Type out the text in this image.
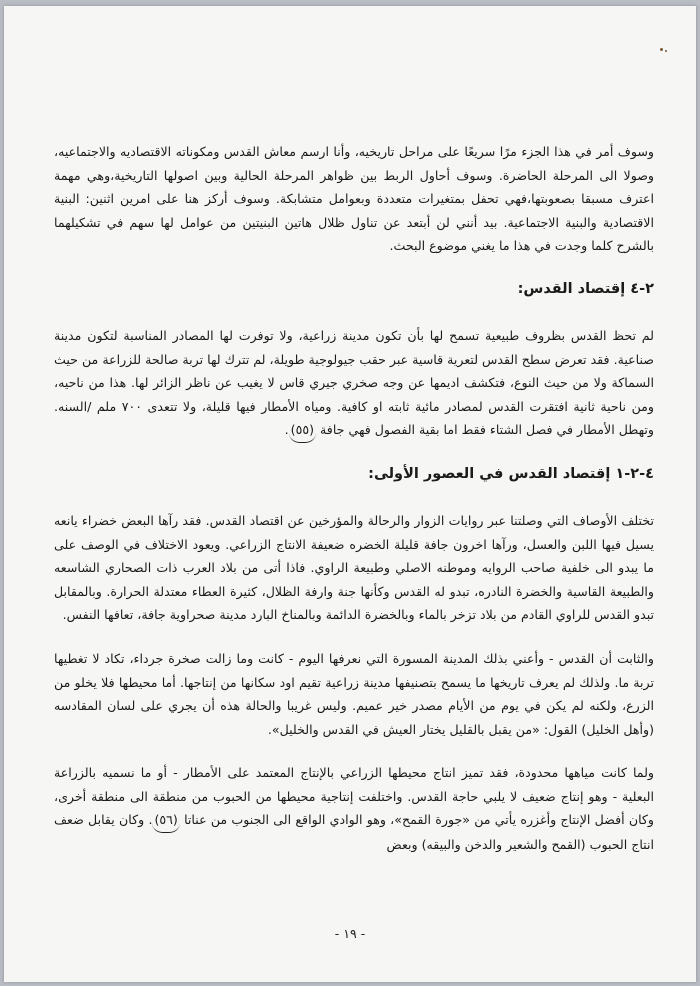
وسوف أمر في هذا الجزء مرًا سريعًا على مراحل تاريخيه، وأنا ارسم معاش القدس ومكوناته الاقتصاديه والاجتماعيه، وصولا الى المرحلة الحاضرة. وسوف أحاول الربط بين ظواهر المرحلة الحالية وبين اصولها التاريخية،وهي مهمة اعترف مسبقا بصعوبتها،فهي تحفل بمتغيرات متعددة وبعوامل متشابكة. وسوف أركز هنا على امرين اثنين: البنية الاقتصادية والبنية الاجتماعية. بيد أنني لن أبتعد عن تناول ظلال هاتين البنيتين من عوامل لها سهم في تشكيلهما بالشرح كلما وجدت في هذا ما يغني موضوع البحث.

٢-٤ إقتصاد القدس:

لم تحظ القدس بظروف طبيعية تسمح لها بأن تكون مدينة زراعية، ولا توفرت لها المصادر المناسبة لتكون مدينة صناعية. فقد تعرض سطح القدس لتعرية قاسية عبر حقب جيولوجية طويلة، لم تترك لها تربة صالحة للزراعة من حيث السماكة ولا من حيث النوع، فتكشف اديمها عن وجه صخري جيري قاس لا يغيب عن ناظر الزائر لها. هذا من ناحيه، ومن ناحية ثانية افتقرت القدس لمصادر مائية ثابته او كافية. ومياه الأمطار فيها قليلة، ولا تتعدى ٧٠٠ ملم /السنه. وتهطل الأمطار في فصل الشتاء فقط اما بقية الفصول فهي جافة (٥٥).

٤-٢-١ إقتصاد القدس في العصور الأولى:

تختلف الأوصاف التي وصلتنا عبر روايات الزوار والرحالة والمؤرخين عن اقتصاد القدس. فقد رآها البعض خضراء يانعه يسيل فيها اللبن والعسل، ورآها اخرون جافة قليلة الخضره ضعيفة الانتاج الزراعي. ويعود الاختلاف في الوصف على ما يبدو الى خلفية صاحب الروايه وموطنه الاصلي وطبيعة الراوي. فاذا أتى من بلاد العرب ذات الصحاري الشاسعه والطبيعة القاسية والخضرة النادره، تبدو له القدس وكأنها جنة وارفة الظلال، كثيرة العطاء معتدلة الحرارة. وبالمقابل تبدو القدس للراوي القادم من بلاد تزخر بالماء وبالخضرة الدائمة وبالمناخ البارد مدينة صحراوية جافة، تعافها النفس.

والثابت أن القدس - وأعني بذلك المدينة المسورة التي نعرفها اليوم - كانت وما زالت صخرة جرداء، تكاد لا تغطيها تربة ما. ولذلك لم يعرف تاريخها ما يسمح بتصنيفها مدينة زراعية تقيم اود سكانها من إنتاجها. أما محيطها فلا يخلو من الزرع، ولكنه لم يكن في يوم من الأيام مصدر خير عميم. وليس غريبا والحالة هذه أن يجري على لسان المقادسه (وأهل الخليل) القول: «من يقبل بالقليل يختار العيش في القدس والخليل».

ولما كانت مياهها محدودة، فقد تميز انتاج محيطها الزراعي بالإنتاج المعتمد على الأمطار - أو ما نسميه بالزراعة البعلية - وهو إنتاج ضعيف لا يلبي حاجة القدس. واختلفت إنتاجية محيطها من الحبوب من منطقة الى منطقة أخرى، وكان أفضل الإنتاج وأغزره يأتي من «جورة القمح»، وهو الوادي الواقع الى الجنوب من عناتا (٥٦). وكان يقابل ضعف انتاج الحبوب (القمح والشعير والدخن والبيقه) وبعض

- ١٩ -
